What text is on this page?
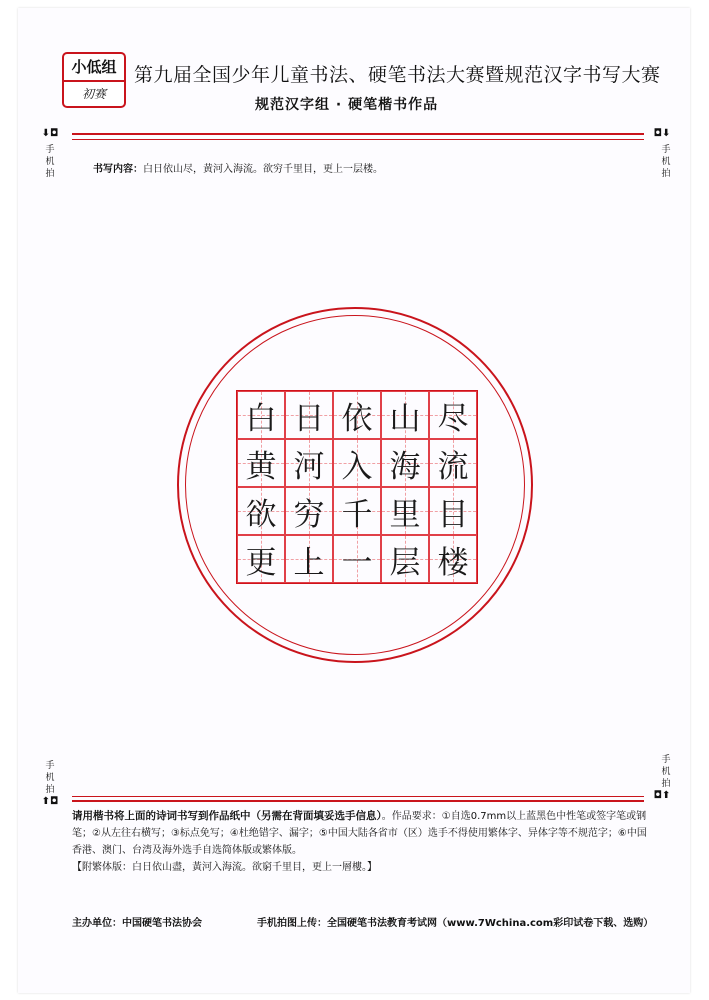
小低组
初赛
第九届全国少年儿童书法、硬笔书法大赛暨规范汉字书写大赛
规范汉字组 · 硬笔楷书作品
⬇◘
手
机
拍
◘⬇
手
机
拍
书写内容：白日依山尽，黄河入海流。欲穷千里目，更上一层楼。
白 日 依 山 尽
黄 河 入 海 流
欲 穷 千 里 目
更 上 一 层 楼
手
机
拍
⬆◘
手
机
拍
◘⬆
请用楷书将上面的诗词书写到作品纸中（另需在背面填妥选手信息）。作品要求：①自选0.7mm以上蓝黑色中性笔或签字笔或钢笔；②从左往右横写；③标点免写；④杜绝错字、漏字；⑤中国大陆各省市（区）选手不得使用繁体字、异体字等不规范字；⑥中国香港、澳门、台湾及海外选手自选简体版或繁体版。
【附繁体版：白日依山盡，黃河入海流。欲窮千里目，更上一層樓。】
主办单位：中国硬笔书法协会	手机拍图上传：全国硬笔书法教育考试网（www.7Wchina.com彩印试卷下载、选购）
